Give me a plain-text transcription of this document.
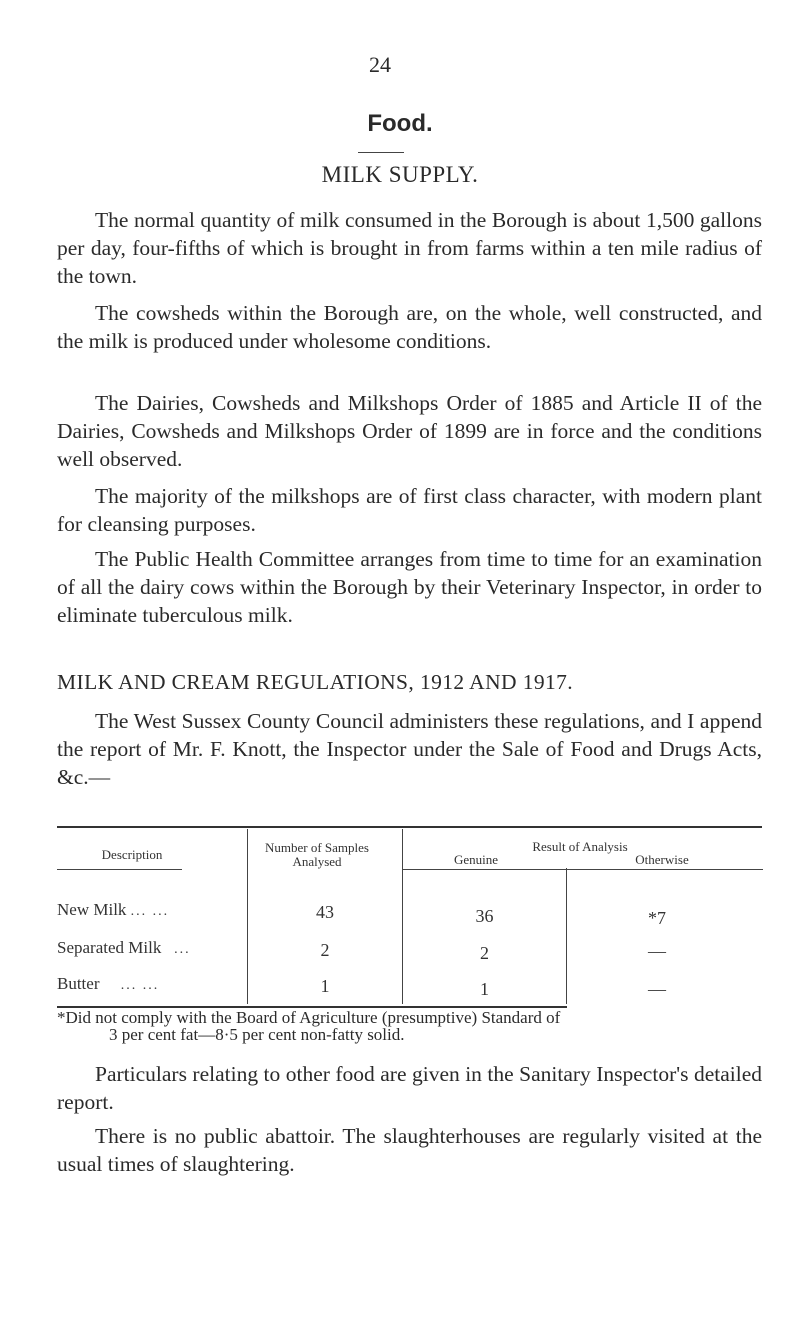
24
Food.
MILK SUPPLY.
The normal quantity of milk consumed in the Borough is about 1,500 gallons per day, four-fifths of which is brought in from farms within a ten mile radius of the town.
The cowsheds within the Borough are, on the whole, well constructed, and the milk is produced under wholesome conditions.
The Dairies, Cowsheds and Milkshops Order of 1885 and Article II of the Dairies, Cowsheds and Milkshops Order of 1899 are in force and the conditions well observed.
The majority of the milkshops are of first class character, with modern plant for cleansing purposes.
The Public Health Committee arranges from time to time for an examination of all the dairy cows within the Borough by their Veterinary Inspector, in order to eliminate tuberculous milk.
MILK AND CREAM REGULATIONS, 1912 AND 1917.
The West Sussex County Council administers these regulations, and I append the report of Mr. F. Knott, the Inspector under the Sale of Food and Drugs Acts, &c.—
Description	Number of Samples Analysed
Result of Analysis
Genuine	Otherwise
New Milk ... ...	43	36	*7
Separated Milk ...	2	2	—
Butter ... ...	1	1	—
*Did not comply with the Board of Agriculture (presumptive) Standard of
3 per cent fat—8·5 per cent non-fatty solid.
Particulars relating to other food are given in the Sanitary Inspector's detailed report.
There is no public abattoir. The slaughterhouses are regularly visited at the usual times of slaughtering.
